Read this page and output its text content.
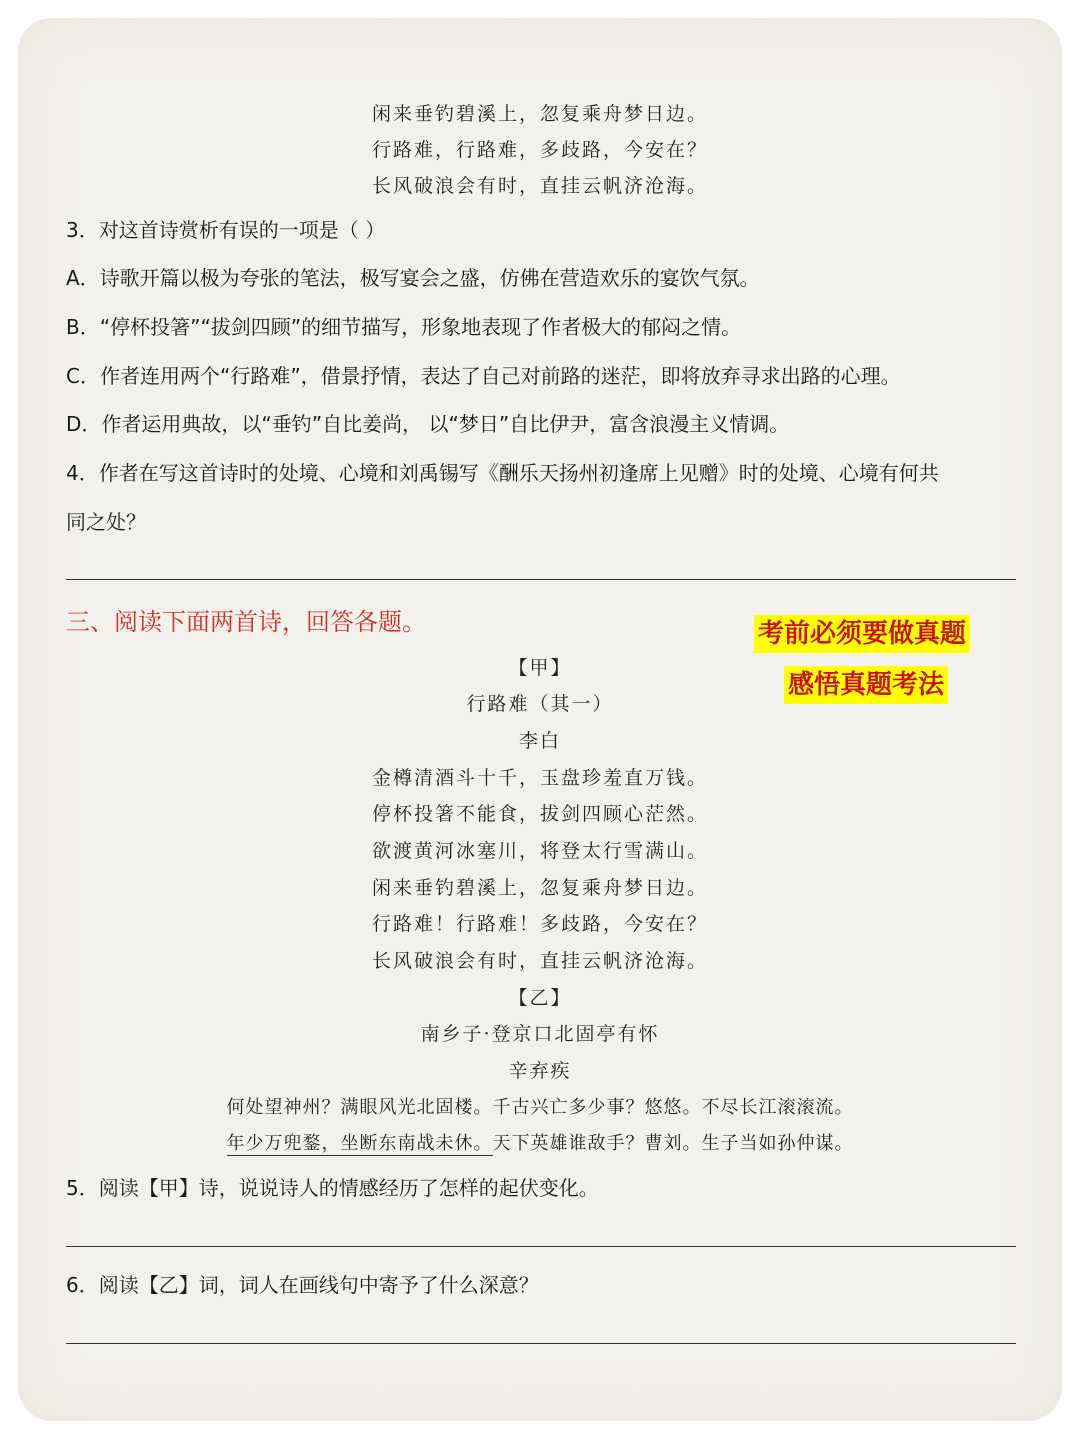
闲来垂钓碧溪上，忽复乘舟梦日边。
行路难，行路难，多歧路，今安在？
长风破浪会有时，直挂云帆济沧海。
3．对这首诗赏析有误的一项是（ ）
A．诗歌开篇以极为夸张的笔法，极写宴会之盛，仿佛在营造欢乐的宴饮气氛。
B．“停杯投箸”“拔剑四顾”的细节描写，形象地表现了作者极大的郁闷之情。
C．作者连用两个“行路难”，借景抒情，表达了自己对前路的迷茫，即将放弃寻求出路的心理。
D．作者运用典故，以“垂钓”自比姜尚， 以“梦日”自比伊尹，富含浪漫主义情调。
4．作者在写这首诗时的处境、心境和刘禹锡写《酬乐天扬州初逢席上见赠》时的处境、心境有何共
同之处？
三、阅读下面两首诗，回答各题。	考前必须要做真题
感悟真题考法
【甲】
行路难（其一）
李白
金樽清酒斗十千，玉盘珍羞直万钱。
停杯投箸不能食，拔剑四顾心茫然。
欲渡黄河冰塞川，将登太行雪满山。
闲来垂钓碧溪上，忽复乘舟梦日边。
行路难！行路难！多歧路，今安在？
长风破浪会有时，直挂云帆济沧海。
【乙】
南乡子·登京口北固亭有怀
辛弃疾
何处望神州？满眼风光北固楼。千古兴亡多少事？悠悠。不尽长江滚滚流。
年少万兜鍪，坐断东南战未休。天下英雄谁敌手？曹刘。生子当如孙仲谋。
5．阅读【甲】诗，说说诗人的情感经历了怎样的起伏变化。
6．阅读【乙】词，词人在画线句中寄予了什么深意？
